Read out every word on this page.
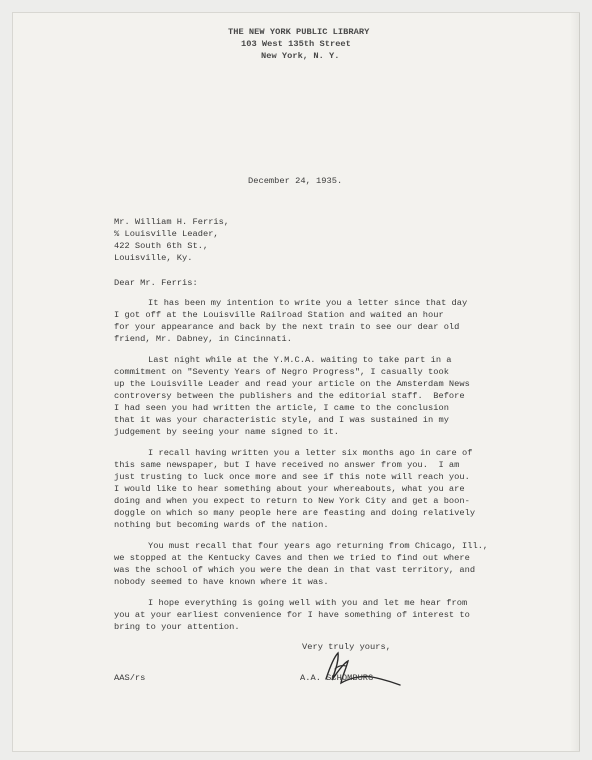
THE NEW YORK PUBLIC LIBRARY
103 West 135th Street
New York, N. Y.
December 24, 1935.
Mr. William H. Ferris,
% Louisville Leader,
422 South 6th St.,
Louisville, Ky.
Dear Mr. Ferris:
It has been my intention to write you a letter since that day
I got off at the Louisville Railroad Station and waited an hour
for your appearance and back by the next train to see our dear old
friend, Mr. Dabney, in Cincinnati.
Last night while at the Y.M.C.A. waiting to take part in a
commitment on "Seventy Years of Negro Progress", I casually took
up the Louisville Leader and read your article on the Amsterdam News
controversy between the publishers and the editorial staff.  Before
I had seen you had written the article, I came to the conclusion
that it was your characteristic style, and I was sustained in my
judgement by seeing your name signed to it.
I recall having written you a letter six months ago in care of
this same newspaper, but I have received no answer from you.  I am
just trusting to luck once more and see if this note will reach you.
I would like to hear something about your whereabouts, what you are
doing and when you expect to return to New York City and get a boon-
doggle on which so many people here are feasting and doing relatively
nothing but becoming wards of the nation.
You must recall that four years ago returning from Chicago, Ill.,
we stopped at the Kentucky Caves and then we tried to find out where
was the school of which you were the dean in that vast territory, and
nobody seemed to have known where it was.
I hope everything is going well with you and let me hear from
you at your earliest convenience for I have something of interest to
bring to your attention.
Very truly yours,
AAS/rs	A.A. SCHOMBURG
